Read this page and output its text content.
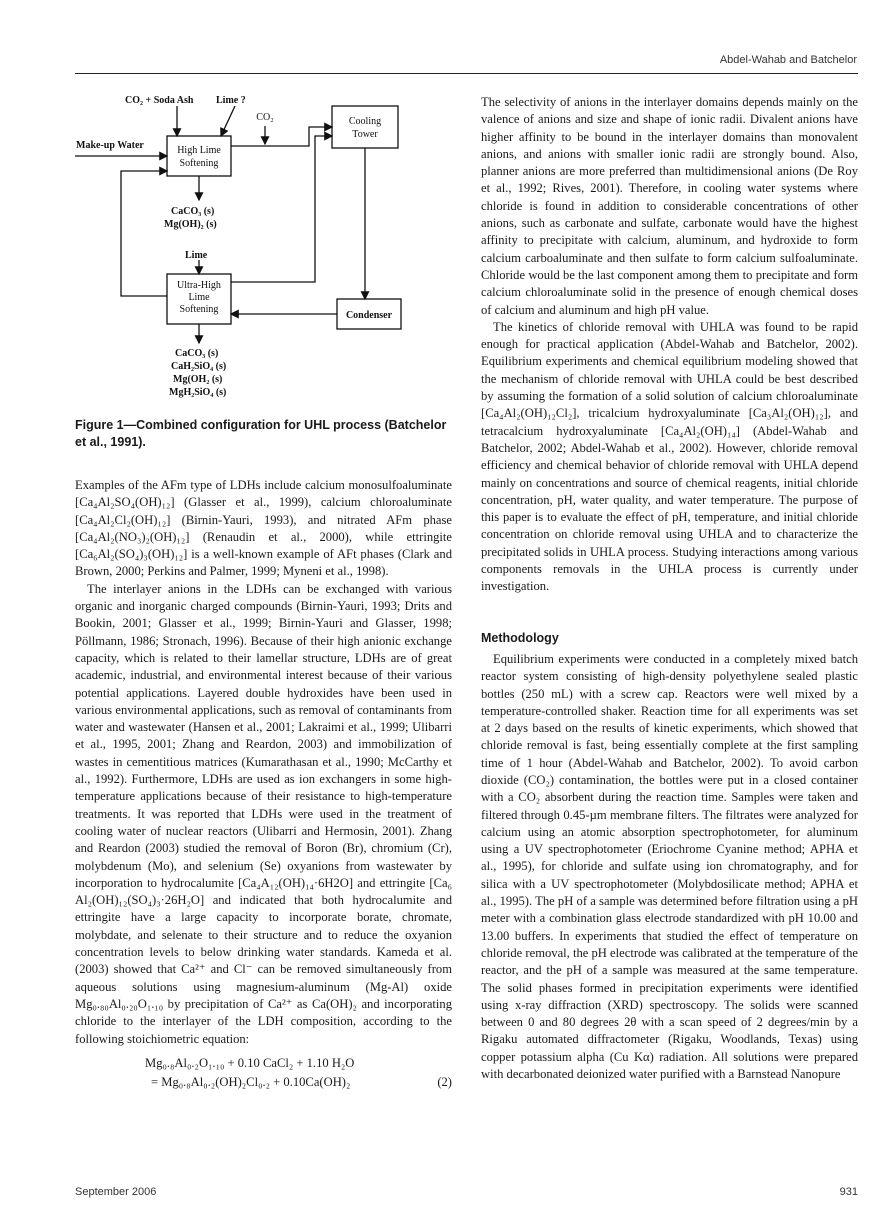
Abdel-Wahab and Batchelor
CO₂ + Soda Ash Lime ?
Make-up Water
Lime
Condenser
CaCO₃ (s)
Mg(OH)₂ (s)
CaCO₃ (s)
CaH₂SiO₄ (s)
Mg(OH₂ (s)
MgH₂SiO₄ (s)
High Lime
Softening
Cooling
Tower
Ultra-High
Lime
Softening
CO₂
Figure 1—Combined configuration for UHL process (Batchelor et al., 1991).

Examples of the AFm type of LDHs include calcium monosulfoaluminate [Ca₄Al₂SO₄(OH)₁₂] (Glasser et al., 1999), calcium chloroaluminate [Ca₄Al₂Cl₂(OH)₁₂] (Birnin-Yauri, 1993), and nitrated AFm phase [Ca₄Al₂(NO₃)₂(OH)₁₂] (Renaudin et al., 2000), while ettringite [Ca₆Al₂(SO₄)₃(OH)₁₂] is a well-known example of AFt phases (Clark and Brown, 2000; Perkins and Palmer, 1999; Myneni et al., 1998).

The interlayer anions in the LDHs can be exchanged with various organic and inorganic charged compounds (Birnin-Yauri, 1993; Drits and Bookin, 2001; Glasser et al., 1999; Birnin-Yauri and Glasser, 1998; Pöllmann, 1986; Stronach, 1996). Because of their high anionic exchange capacity, which is related to their lamellar structure, LDHs are of great academic, industrial, and environmental interest because of their various potential applications. Layered double hydroxides have been used in various environmental applications, such as removal of contaminants from water and wastewater (Hansen et al., 2001; Lakraimi et al., 1999; Ulibarri et al., 1995, 2001; Zhang and Reardon, 2003) and immobilization of wastes in cementitious matrices (Kumarathasan et al., 1990; McCarthy et al., 1992). Furthermore, LDHs are used as ion exchangers in some high-temperature applications because of their resistance to high-temperature treatments. It was reported that LDHs were used in the treatment of cooling water of nuclear reactors (Ulibarri and Hermosin, 2001). Zhang and Reardon (2003) studied the removal of Boron (Br), chromium (Cr), molybdenum (Mo), and selenium (Se) oxyanions from wastewater by incorporation to hydrocalumite [Ca₄A₁₂(OH)₁₄·6H2O] and ettringite [Ca₆ Al₂(OH)₁₂(SO₄)₃·26H₂O] and indicated that both hydrocalumite and ettringite have a large capacity to incorporate borate, chromate, molybdate, and selenate to their structure and to reduce the oxyanion concentration levels to below drinking water standards. Kameda et al. (2003) showed that Ca²⁺ and Cl⁻ can be removed simultaneously from aqueous solutions using magnesium-aluminum (Mg-Al) oxide Mg₀.₈₀Al₀.₂₀O₁.₁₀ by precipitation of Ca²⁺ as Ca(OH)₂ and incorporating chloride to the interlayer of the LDH composition, according to the following stoichiometric equation:

Mg₀.₈Al₀.₂O₁.₁₀ + 0.10 CaCl₂ + 1.10 H₂O
= Mg₀.₈Al₀.₂(OH)₂Cl₀.₂ + 0.10Ca(OH)₂	(2)

The selectivity of anions in the interlayer domains depends mainly on the valence of anions and size and shape of ionic radii. Divalent anions have higher affinity to be bound in the interlayer domains than monovalent anions, and anions with smaller ionic radii are strongly bound. Also, planner anions are more preferred than multidimensional anions (De Roy et al., 1992; Rives, 2001). Therefore, in cooling water systems where chloride is found in addition to considerable concentrations of other anions, such as carbonate and sulfate, carbonate would have the highest affinity to precipitate with calcium, aluminum, and hydroxide to form calcium carboaluminate and then sulfate to form calcium sulfoaluminate. Chloride would be the last component among them to precipitate and form calcium chloroaluminate solid in the presence of enough chemical doses of calcium and aluminum and high pH value.

The kinetics of chloride removal with UHLA was found to be rapid enough for practical application (Abdel-Wahab and Batchelor, 2002). Equilibrium experiments and chemical equilibrium modeling showed that the mechanism of chloride removal with UHLA could be best described by assuming the formation of a solid solution of calcium chloroaluminate [Ca₄Al₂(OH)₁₂Cl₂], tricalcium hydroxyaluminate [Ca₃Al₂(OH)₁₂], and tetracalcium hydroxyaluminate [Ca₄Al₂(OH)₁₄] (Abdel-Wahab and Batchelor, 2002; Abdel-Wahab et al., 2002). However, chloride removal efficiency and chemical behavior of chloride removal with UHLA depend mainly on concentrations and source of chemical reagents, initial chloride concentration, pH, water quality, and water temperature. The purpose of this paper is to evaluate the effect of pH, temperature, and initial chloride concentration on chloride removal using UHLA and to characterize the precipitated solids in UHLA process. Studying interactions among various components removals in the UHLA process is currently under investigation.

Methodology

Equilibrium experiments were conducted in a completely mixed batch reactor system consisting of high-density polyethylene sealed plastic bottles (250 mL) with a screw cap. Reactors were well mixed by a temperature-controlled shaker. Reaction time for all experiments was set at 2 days based on the results of kinetic experiments, which showed that chloride removal is fast, being essentially complete at the first sampling time of 1 hour (Abdel-Wahab and Batchelor, 2002). To avoid carbon dioxide (CO₂) contamination, the bottles were put in a closed container with a CO₂ absorbent during the reaction time. Samples were taken and filtered through 0.45-µm membrane filters. The filtrates were analyzed for calcium using an atomic absorption spectrophotometer, for aluminum using a UV spectrophotometer (Eriochrome Cyanine method; APHA et al., 1995), for chloride and sulfate using ion chromatography, and for silica with a UV spectrophotometer (Molybdosilicate method; APHA et al., 1995). The pH of a sample was determined before filtration using a pH meter with a combination glass electrode standardized with pH 10.00 and 13.00 buffers. In experiments that studied the effect of temperature on chloride removal, the pH electrode was calibrated at the temperature of the reactor, and the pH of a sample was measured at the same temperature. The solid phases formed in precipitation experiments were identified using x-ray diffraction (XRD) spectroscopy. The solids were scanned between 0 and 80 degrees 2θ with a scan speed of 2 degrees/min by a Rigaku automated diffractometer (Rigaku, Woodlands, Texas) using copper potassium alpha (Cu Kα) radiation. All solutions were prepared with decarbonated deionized water purified with a Barnstead Nanopure

September 2006	931
